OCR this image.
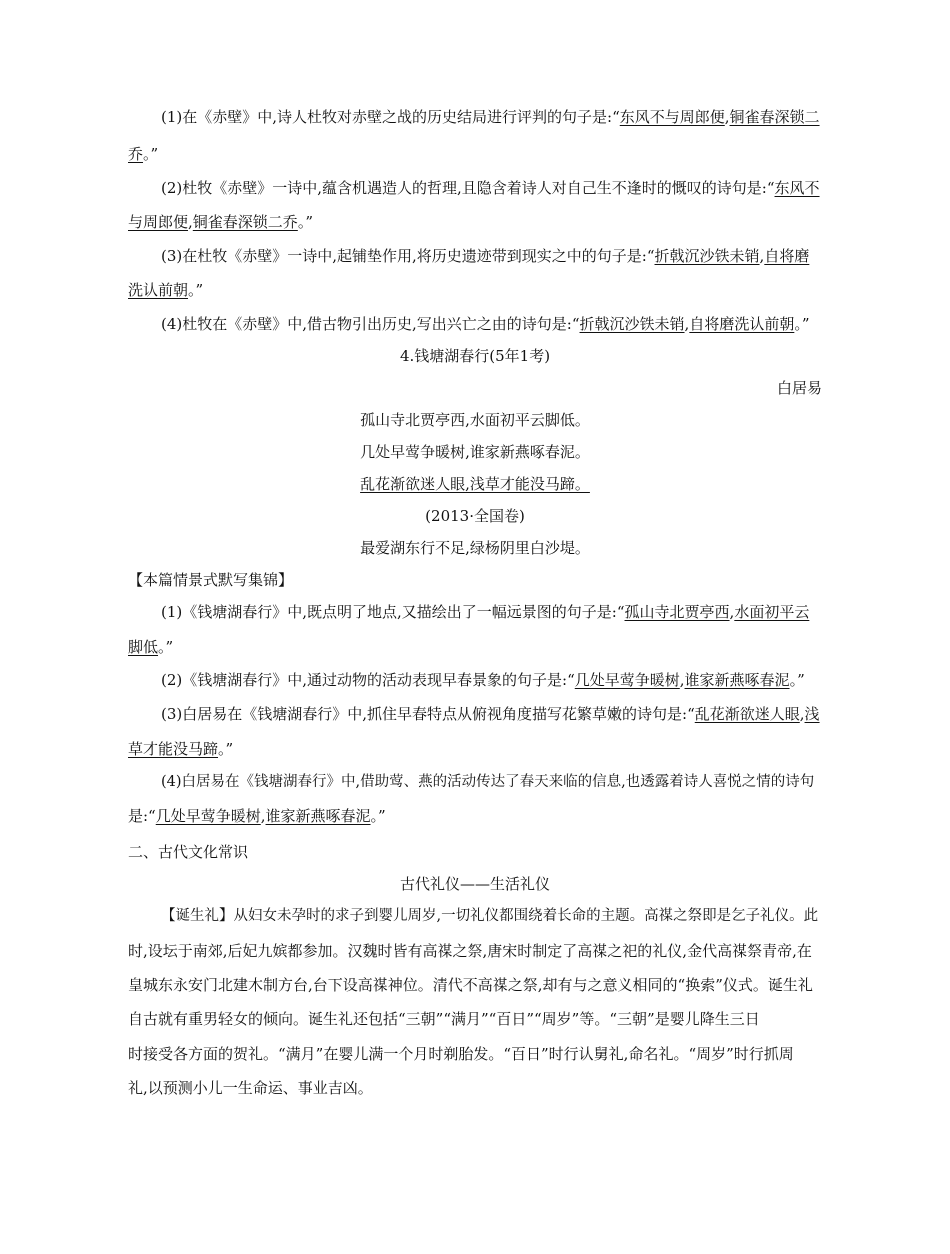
(1)在《赤壁》中,诗人杜牧对赤壁之战的历史结局进行评判的句子是:“东风不与周郎便,铜雀春深锁二
乔。”
(2)杜牧《赤壁》一诗中,蕴含机遇造人的哲理,且隐含着诗人对自己生不逢时的慨叹的诗句是:“东风不
与周郎便,铜雀春深锁二乔。”
(3)在杜牧《赤壁》一诗中,起铺垫作用,将历史遗迹带到现实之中的句子是:“折戟沉沙铁未销,自将磨
洗认前朝。”
(4)杜牧在《赤壁》中,借古物引出历史,写出兴亡之由的诗句是:“折戟沉沙铁未销,自将磨洗认前朝。”
4.钱塘湖春行(5年1考)
白居易
孤山寺北贾亭西,水面初平云脚低。
几处早莺争暖树,谁家新燕啄春泥。
乱花渐欲迷人眼,浅草才能没马蹄。
(2013·全国卷)
最爱湖东行不足,绿杨阴里白沙堤。
【本篇情景式默写集锦】
(1)《钱塘湖春行》中,既点明了地点,又描绘出了一幅远景图的句子是:“孤山寺北贾亭西,水面初平云
脚低。”
(2)《钱塘湖春行》中,通过动物的活动表现早春景象的句子是:“几处早莺争暖树,谁家新燕啄春泥。”
(3)白居易在《钱塘湖春行》中,抓住早春特点从俯视角度描写花繁草嫩的诗句是:“乱花渐欲迷人眼,浅
草才能没马蹄。”
(4)白居易在《钱塘湖春行》中,借助莺、燕的活动传达了春天来临的信息,也透露着诗人喜悦之情的诗句
是:“几处早莺争暖树,谁家新燕啄春泥。”
二、古代文化常识
古代礼仪——生活礼仪
【诞生礼】从妇女未孕时的求子到婴儿周岁,一切礼仪都围绕着长命的主题。高禖之祭即是乞子礼仪。此
时,设坛于南郊,后妃九嫔都参加。汉魏时皆有高禖之祭,唐宋时制定了高禖之祀的礼仪,金代高禖祭青帝,在
皇城东永安门北建木制方台,台下设高禖神位。清代不高禖之祭,却有与之意义相同的“换索”仪式。诞生礼
自古就有重男轻女的倾向。诞生礼还包括“三朝”“满月”“百日”“周岁”等。“三朝”是婴儿降生三日
时接受各方面的贺礼。“满月”在婴儿满一个月时剃胎发。“百日”时行认舅礼,命名礼。“周岁”时行抓周
礼,以预测小儿一生命运、事业吉凶。
